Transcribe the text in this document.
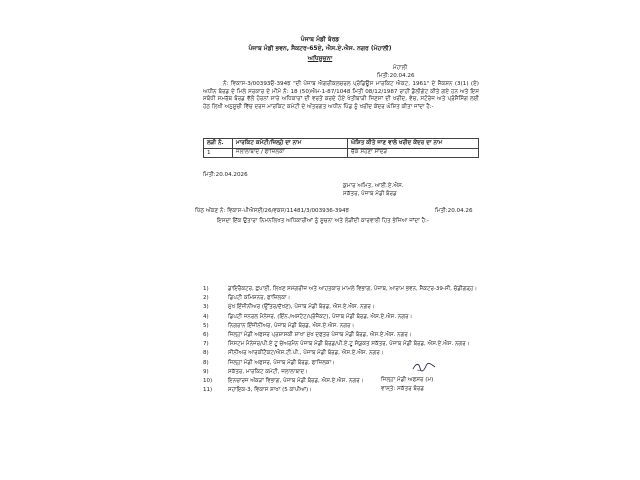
ਪੰਜਾਬ ਮੰਡੀ ਬੋਰਡ
ਪੰਜਾਬ ਮੰਡੀ ਭਵਨ, ਸੈਕਟਰ-65ਏ, ਐਸ.ਏ.ਐਸ. ਨਗਰ (ਮੋਹਾਲੀ)
ਅਧਿਸੂਚਨਾ
ਮੋਹਾਲੀ
ਮਿਤੀ:20.04.26
ਨੰ: ਵਿਕਾਸ-3/00393ਓ-394ਝ "ਦੀ ਪੰਜਾਬ ਐਗਰੀਕਲਚਰਲ ਪ੍ਰੋਡਿਊਸ ਮਾਰਕਿਟ ਐਕਟ, 1961" ਦੇ ਸੈਕਸ਼ਨ (3(1) (ਏ) ਅਧੀਨ ਬੋਰਡ ਦੇ ਮਿਲੇ ਸਰਕਾਰ ਦੇ ਮੀਮੋ ਨੰ: 18 (50)ਐਮ-1-87/1048 ਮਿਤੀ 08/12/1987 ਰਾਹੀਂ ਡੈਲੀਗੇਟ ਕੀਤੇ ਗਏ ਹਨ ਅਤੇ ਇਸ ਸਬੰਧੀ ਸਮਰੱਥ ਬੋਰਡ ਵੱਲੋਂ ਹੋਰਨਾਂ ਸਾਰੇ ਅਧਿਕਾਰਾਂ ਦੀ ਵਰਤੋਂ ਕਰਦੇ ਹੋਏ ਖੇਤੀਬਾੜੀ ਜਿਣਸਾਂ ਦੀ ਖਰੀਦ, ਵੇਚ, ਸਟੋਰੇਜ ਅਤੇ ਪ੍ਰੋਸੈਸਿੰਗ ਲਈ ਹੇਠ ਲਿਖੀ ਅਨੁਸੂਚੀ ਵਿੱਚ ਦਰਜ ਮਾਰਕਿਟ ਕਮੇਟੀ ਦੇ ਅੰਤਰਗਤ ਅਧੀਨ ਪਿੰਡ ਨੂੰ ਖਰੀਦ ਕੇਂਦਰ ਘੋਸ਼ਿਤ ਕੀਤਾ ਜਾਂਦਾ ਹੈ:-
ਲੜੀ ਨੰ.	ਮਾਰਕਿਟ ਕਮੇਟੀ/ਜ਼ਿਲ੍ਹੇ ਦਾ ਨਾਮ	ਘੋਸ਼ਿਤ ਕੀਤੇ ਜਾਣ ਵਾਲੇ ਖਰੀਦ ਕੇਂਦਰ ਦਾ ਨਾਮ
1	ਜਲਾਲਾਬਾਦ / ਫਾਜ਼ਿਲਕਾ	ਚੱਕ ਸੋਹਣਾ ਸਾਂਦੜ
ਮਿਤੀ:20.04.2026
ਕੁਮਾਰ ਅਮਿਤ, ਆਈ.ਏ.ਐਸ.
ਸਕੱਤਰ, ਪੰਜਾਬ ਮੰਡੀ ਬੋਰਡ
ਪਿੱਠ ਅੰਕਣ ਨੰ: ਵਿਕਾਸ-ਪੀਐਸਈ/26/ਵਕਸ/11481/3/003936-394ਝ	ਮਿਤੀ:20.04.26
ਇਸਦਾ ਇੱਕ ਉਤਾਰਾ ਨਿਮਨਲਿਖਤ ਅਧਿਕਾਰੀਆਂ ਨੂੰ ਸੂਚਨਾ ਅਤੇ ਲੋੜੀਂਦੀ ਕਾਰਵਾਈ ਹਿਤ ਭੇਜਿਆ ਜਾਂਦਾ ਹੈ:-
1)	ਡਾਇਰੈਕਟਰ, ਛਪਾਈ, ਲਿਖਣ ਸਮੱਗਰੀਜ਼ ਅਤੇ ਆਹਤਕਾਰ ਮਾਮਲੇ ਵਿਭਾਗ, ਪੰਜਾਬ, ਆਰਾਮ ਭਵਨ, ਸੈਕਟਰ-39-ਸੀ, ਚੰਡੀਗੜ੍ਹ।
2)	ਡਿਪਟੀ ਕਮਿਸ਼ਨਰ, ਫਾਜ਼ਿਲਕਾ।
3)	ਮੁੱਖ ਇੰਜੀਨੀਅਰ (ਉੱਤਰ/ਦੱਖਣ), ਪੰਜਾਬ ਮੰਡੀ ਬੋਰਡ, ਐਸ.ਏ.ਐਸ. ਨਗਰ।
4)	ਡਿਪਟੀ ਜਨਰਲ ਮੈਨੇਜਰ, (ਇੰਨ./ਅਸਟੇਟ/ਪ੍ਰੋਜੈਕਟ), ਪੰਜਾਬ ਮੰਡੀ ਬੋਰਡ, ਐਸ.ਏ.ਐਸ. ਨਗਰ।
5)	ਨਿਗਰਾਨ ਇੰਜੀਨੀਅਰ, ਪੰਜਾਬ ਮੰਡੀ ਬੋਰਡ, ਐਸ.ਏ.ਐਸ. ਨਗਰ।
6)	ਜਿਲ੍ਹਾ ਮੰਡੀ ਅਫਸਰ ਪ੍ਰਸ਼ਾਸਕੀ ਸ਼ਾਖਾ ਮੁੱਖ ਦਫਤਰ ਪੰਜਾਬ ਮੰਡੀ ਬੋਰਡ, ਐਸ.ਏ.ਐਸ. ਨਗਰ।
7)	ਸਿਸਟਮ ਮੈਨੇਜਰ/ਪੀ.ਏ ਟੂ ਚੇਅਰਮੈਨ ਪੰਜਾਬ ਮੰਡੀ ਬੋਰਡ/ਪੀ.ਏ.ਟੂ ਸੰਯੁਕਤ ਸਕੱਤਰ, ਪੰਜਾਬ ਮੰਡੀ ਬੋਰਡ, ਐਸ.ਏ.ਐਸ. ਨਗਰ।
8)	ਸੀਨੀਅਰ ਆਰਕੀਟੈਕਟ/ਐਸ.ਟੀ.ਪੀ., ਪੰਜਾਬ ਮੰਡੀ ਬੋਰਡ, ਐਸ.ਏ.ਐਸ. ਨਗਰ।
8)	ਜਿਲ੍ਹਾ ਮੰਡੀ ਅਫਸਰ, ਪੰਜਾਬ ਮੰਡੀ ਬੋਰਡ, ਫਾਜ਼ਿਲਕਾ।
9)	ਸਕੱਤਰ, ਮਾਰਕਿਟ ਕਮੇਟੀ, ਜਲਾਲਾਬਾਦ।
10)	ਇਨਚਾਰਜ ਅੰਕੜਾ ਵਿਭਾਗ, ਪੰਜਾਬ ਮੰਡੀ ਬੋਰਡ, ਐਸ.ਏ.ਐਸ. ਨਗਰ।
11)	ਸਹਾਇਕ-3, ਵਿਕਾਸ ਸ਼ਾਖਾ (5 ਕਾਪੀਆਂ)।
ਜਿਲ੍ਹਾ ਮੰਡੀ ਅਫਸਰ (ਮ)
ਵਾਸ੍ਤੇ: ਸਕੱਤਰ ਬੋਰਡ
